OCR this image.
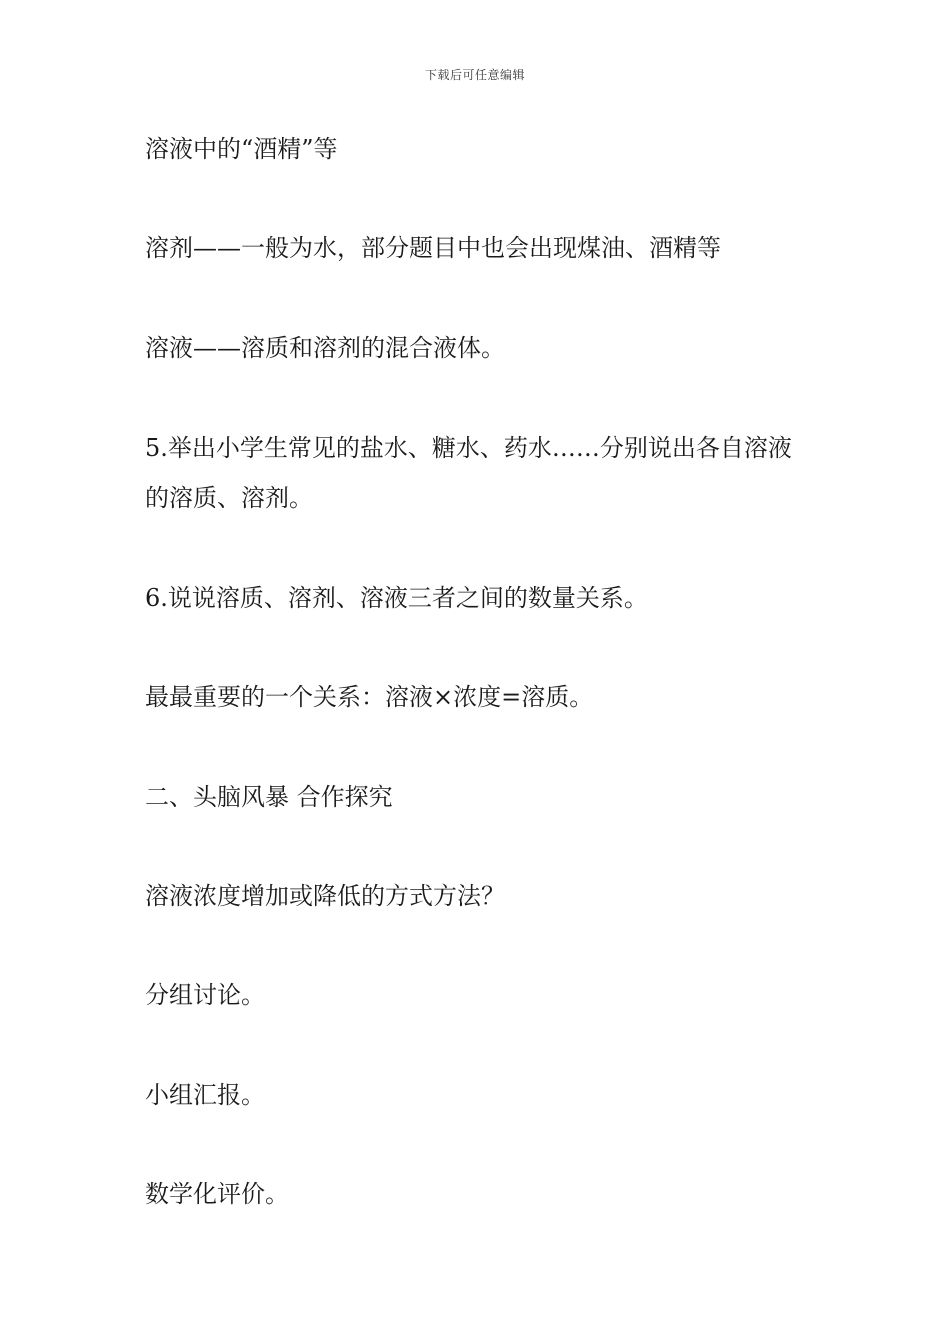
下载后可任意编辑
溶液中的“酒精”等
溶剂——一般为水，部分题目中也会出现煤油、酒精等
溶液——溶质和溶剂的混合液体。
5.举出小学生常见的盐水、糖水、药水……分别说出各自溶液的溶质、溶剂。
6.说说溶质、溶剂、溶液三者之间的数量关系。
最最重要的一个关系：溶液×浓度=溶质。
二、头脑风暴 合作探究
溶液浓度增加或降低的方式方法？
分组讨论。
小组汇报。
数学化评价。
